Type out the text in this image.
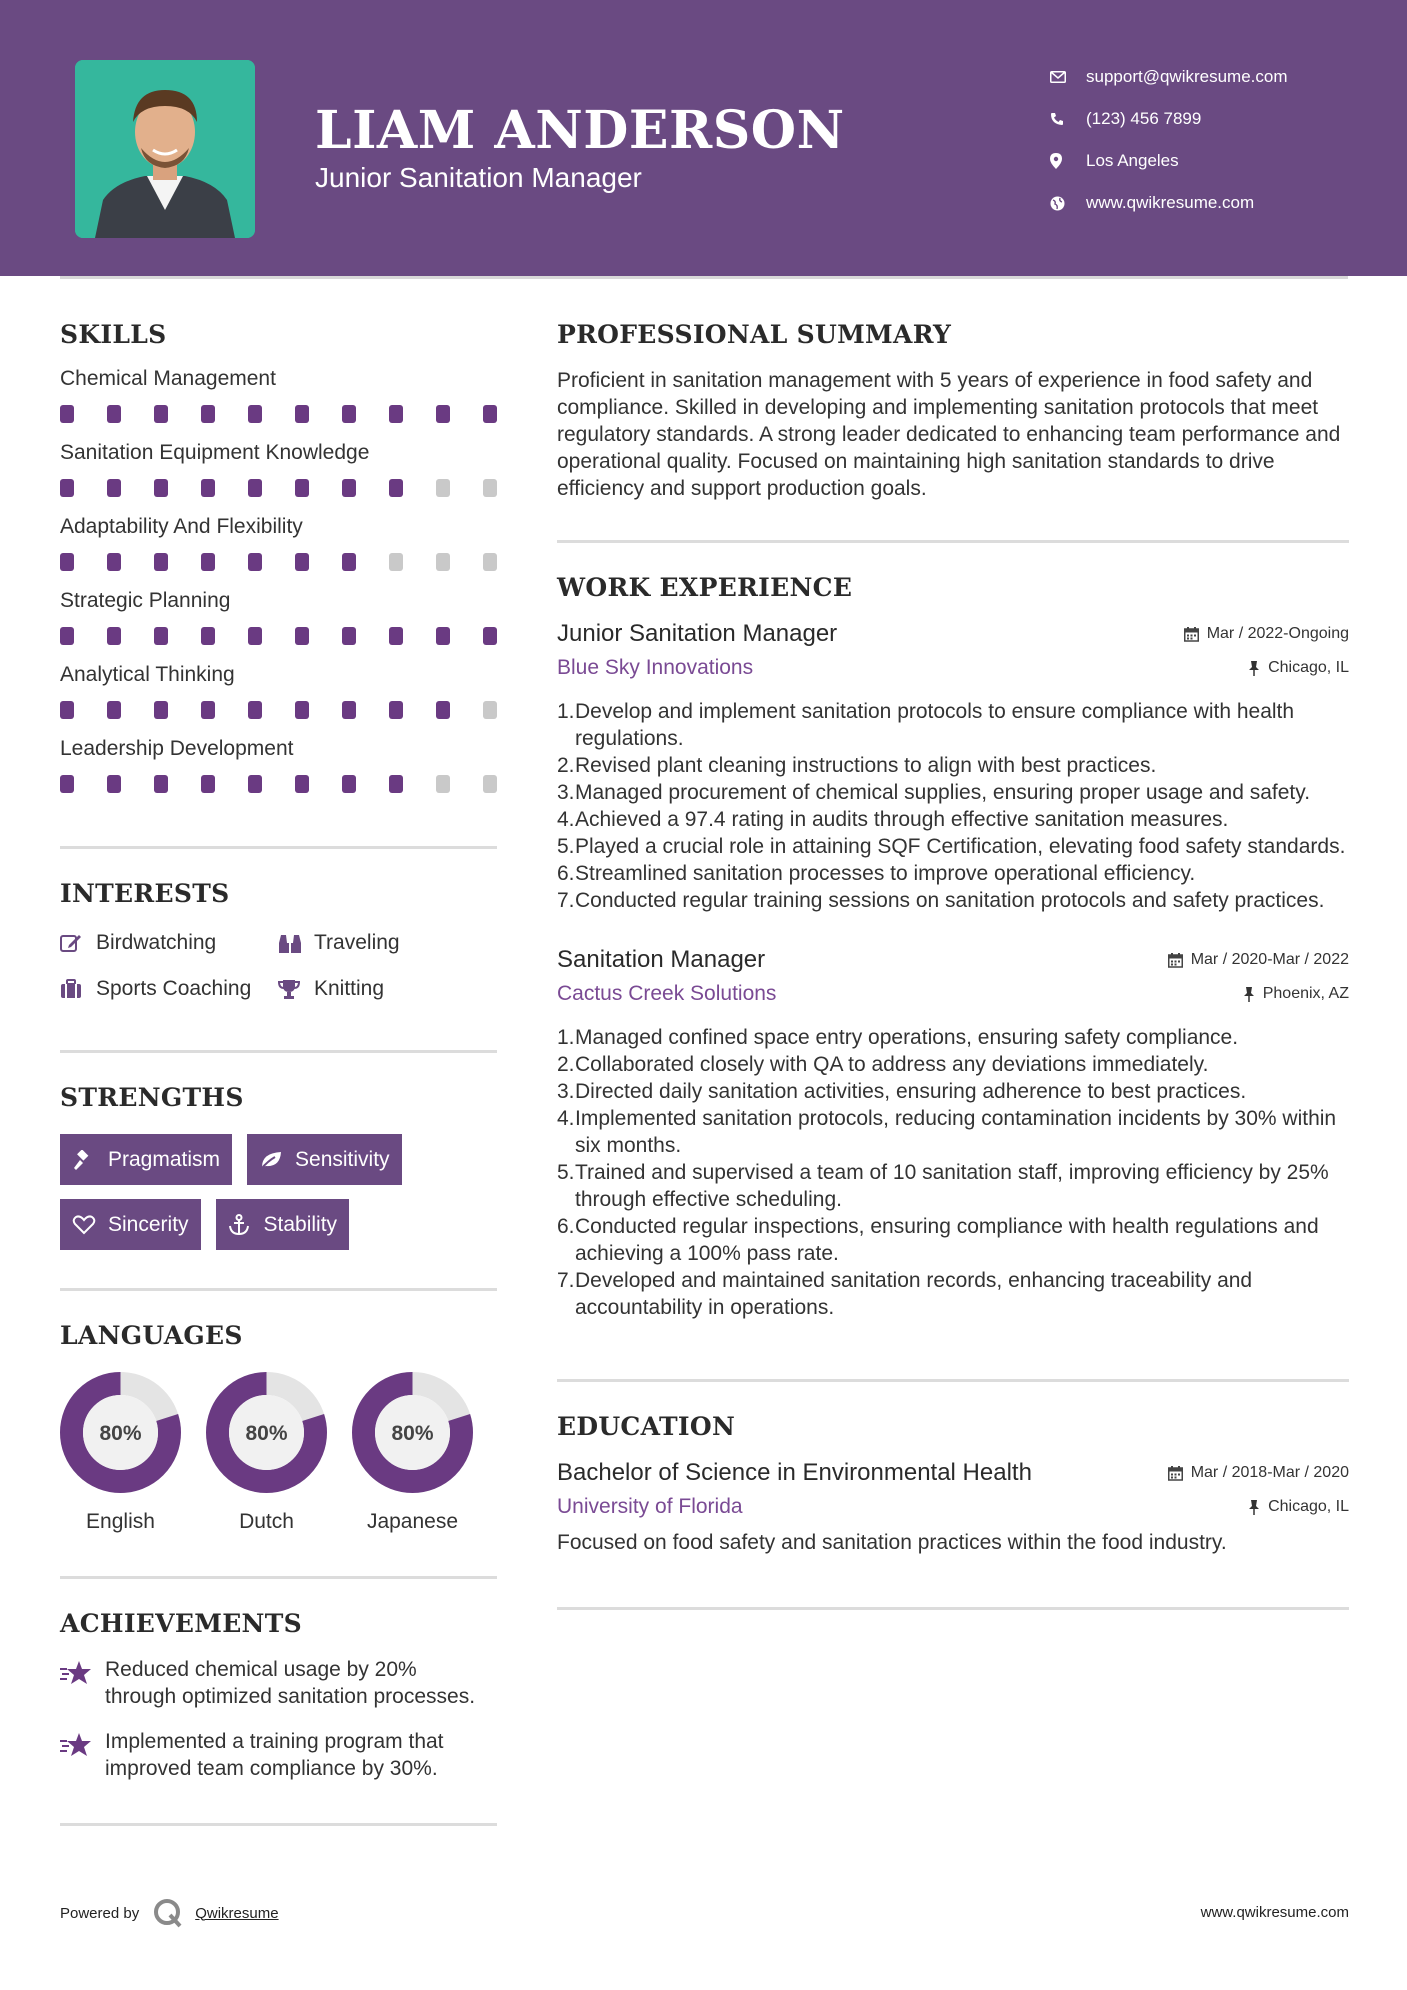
LIAM ANDERSON
Junior Sanitation Manager
support@qwikresume.com
(123) 456 7899
Los Angeles
www.qwikresume.com
SKILLS
Chemical Management
Sanitation Equipment Knowledge
Adaptability And Flexibility
Strategic Planning
Analytical Thinking
Leadership Development
INTERESTS
Birdwatching	Traveling
Sports Coaching	Knitting
STRENGTHS
Pragmatism	Sensitivity
Sincerity	Stability
LANGUAGES
80%
English
80%
Dutch
80%
Japanese
ACHIEVEMENTS
Reduced chemical usage by 20% through optimized sanitation processes.
Implemented a training program that improved team compliance by 30%.
PROFESSIONAL SUMMARY
Proficient in sanitation management with 5 years of experience in food safety and compliance. Skilled in developing and implementing sanitation protocols that meet regulatory standards. A strong leader dedicated to enhancing team performance and operational quality. Focused on maintaining high sanitation standards to drive efficiency and support production goals.
WORK EXPERIENCE
Junior Sanitation Manager	Mar / 2022-Ongoing
Blue Sky Innovations	Chicago, IL
1. Develop and implement sanitation protocols to ensure compliance with health regulations.
2. Revised plant cleaning instructions to align with best practices.
3. Managed procurement of chemical supplies, ensuring proper usage and safety.
4. Achieved a 97.4 rating in audits through effective sanitation measures.
5. Played a crucial role in attaining SQF Certification, elevating food safety standards.
6. Streamlined sanitation processes to improve operational efficiency.
7. Conducted regular training sessions on sanitation protocols and safety practices.
Sanitation Manager	Mar / 2020-Mar / 2022
Cactus Creek Solutions	Phoenix, AZ
1. Managed confined space entry operations, ensuring safety compliance.
2. Collaborated closely with QA to address any deviations immediately.
3. Directed daily sanitation activities, ensuring adherence to best practices.
4. Implemented sanitation protocols, reducing contamination incidents by 30% within six months.
5. Trained and supervised a team of 10 sanitation staff, improving efficiency by 25% through effective scheduling.
6. Conducted regular inspections, ensuring compliance with health regulations and achieving a 100% pass rate.
7. Developed and maintained sanitation records, enhancing traceability and accountability in operations.
EDUCATION
Bachelor of Science in Environmental Health	Mar / 2018-Mar / 2020
University of Florida	Chicago, IL
Focused on food safety and sanitation practices within the food industry.
Powered by	Qwikresume	www.qwikresume.com
